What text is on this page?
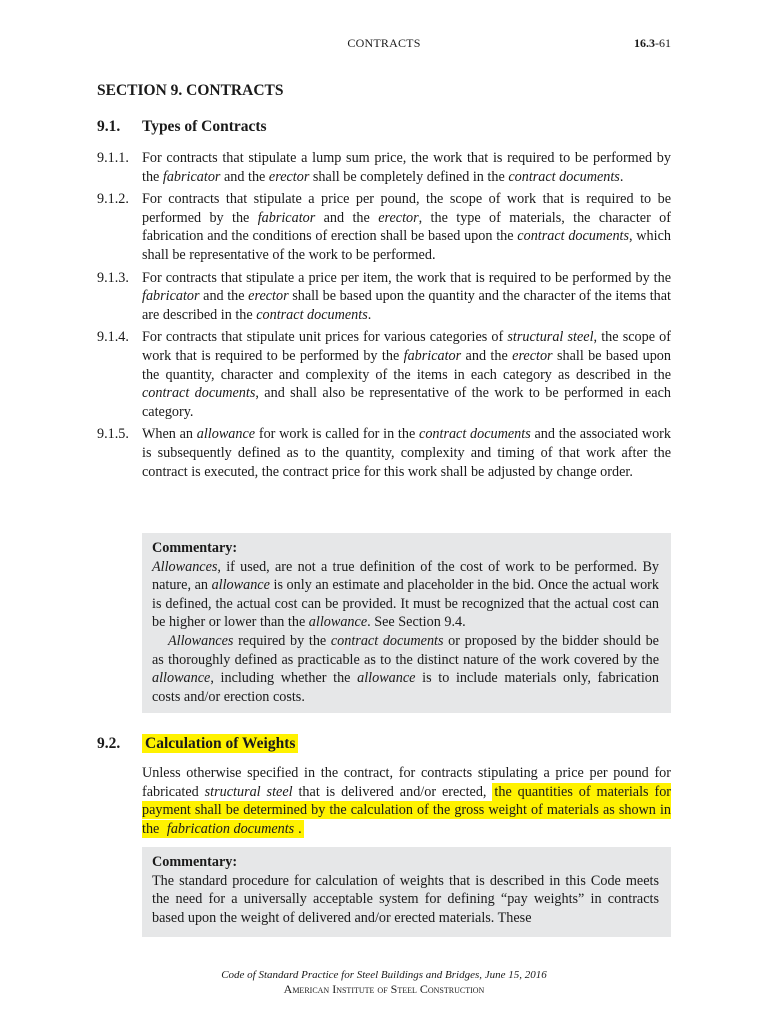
CONTRACTS	16.3-61
SECTION 9. CONTRACTS
9.1. Types of Contracts
9.1.1. For contracts that stipulate a lump sum price, the work that is required to be performed by the fabricator and the erector shall be completely defined in the contract documents.
9.1.2. For contracts that stipulate a price per pound, the scope of work that is required to be performed by the fabricator and the erector, the type of materials, the character of fabrication and the conditions of erection shall be based upon the contract documents, which shall be representative of the work to be performed.
9.1.3. For contracts that stipulate a price per item, the work that is required to be performed by the fabricator and the erector shall be based upon the quantity and the character of the items that are described in the contract documents.
9.1.4. For contracts that stipulate unit prices for various categories of structural steel, the scope of work that is required to be performed by the fabricator and the erector shall be based upon the quantity, character and complexity of the items in each category as described in the contract documents, and shall also be representative of the work to be performed in each category.
9.1.5. When an allowance for work is called for in the contract documents and the associated work is subsequently defined as to the quantity, complexity and timing of that work after the contract is executed, the contract price for this work shall be adjusted by change order.

Commentary:

Allowances, if used, are not a true definition of the cost of work to be performed. By nature, an allowance is only an estimate and placeholder in the bid. Once the actual work is defined, the actual cost can be provided. It must be recognized that the actual cost can be higher or lower than the allowance. See Section 9.4.

Allowances required by the contract documents or proposed by the bidder should be as thoroughly defined as practicable as to the distinct nature of the work covered by the allowance, including whether the allowance is to include materials only, fabrication costs and/or erection costs.

9.2. Calculation of Weights

Unless otherwise specified in the contract, for contracts stipulating a price per pound for fabricated structural steel that is delivered and/or erected, the quantities of materials for payment shall be determined by the calculation of the gross weight of materials as shown in the fabrication documents .

Commentary:

The standard procedure for calculation of weights that is described in this Code meets the need for a universally acceptable system for defining “pay weights” in contracts based upon the weight of delivered and/or erected materials. These

Code of Standard Practice for Steel Buildings and Bridges, June 15, 2016
American Institute of Steel Construction
